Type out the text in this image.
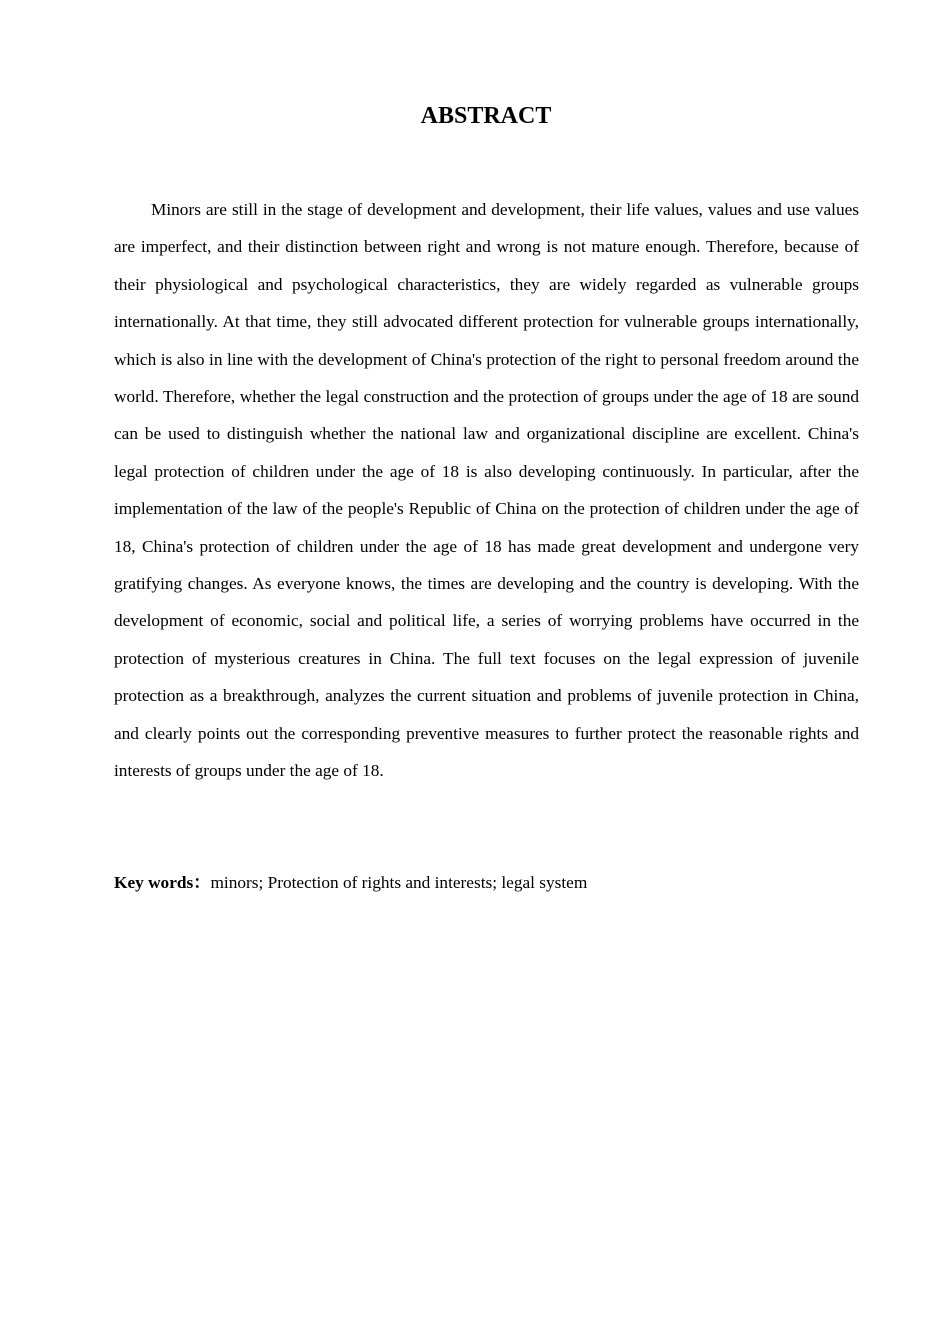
ABSTRACT

Minors are still in the stage of development and development, their life values, values and use values are imperfect, and their distinction between right and wrong is not mature enough. Therefore, because of their physiological and psychological characteristics, they are widely regarded as vulnerable groups internationally. At that time, they still advocated different protection for vulnerable groups internationally, which is also in line with the development of China's protection of the right to personal freedom around the world. Therefore, whether the legal construction and the protection of groups under the age of 18 are sound can be used to distinguish whether the national law and organizational discipline are excellent. China's legal protection of children under the age of 18 is also developing continuously. In particular, after the implementation of the law of the people's Republic of China on the protection of children under the age of 18, China's protection of children under the age of 18 has made great development and undergone very gratifying changes. As everyone knows, the times are developing and the country is developing. With the development of economic, social and political life, a series of worrying problems have occurred in the protection of mysterious creatures in China. The full text focuses on the legal expression of juvenile protection as a breakthrough, analyzes the current situation and problems of juvenile protection in China, and clearly points out the corresponding preventive measures to further protect the reasonable rights and interests of groups under the age of 18.

Key words：minors; Protection of rights and interests; legal system
